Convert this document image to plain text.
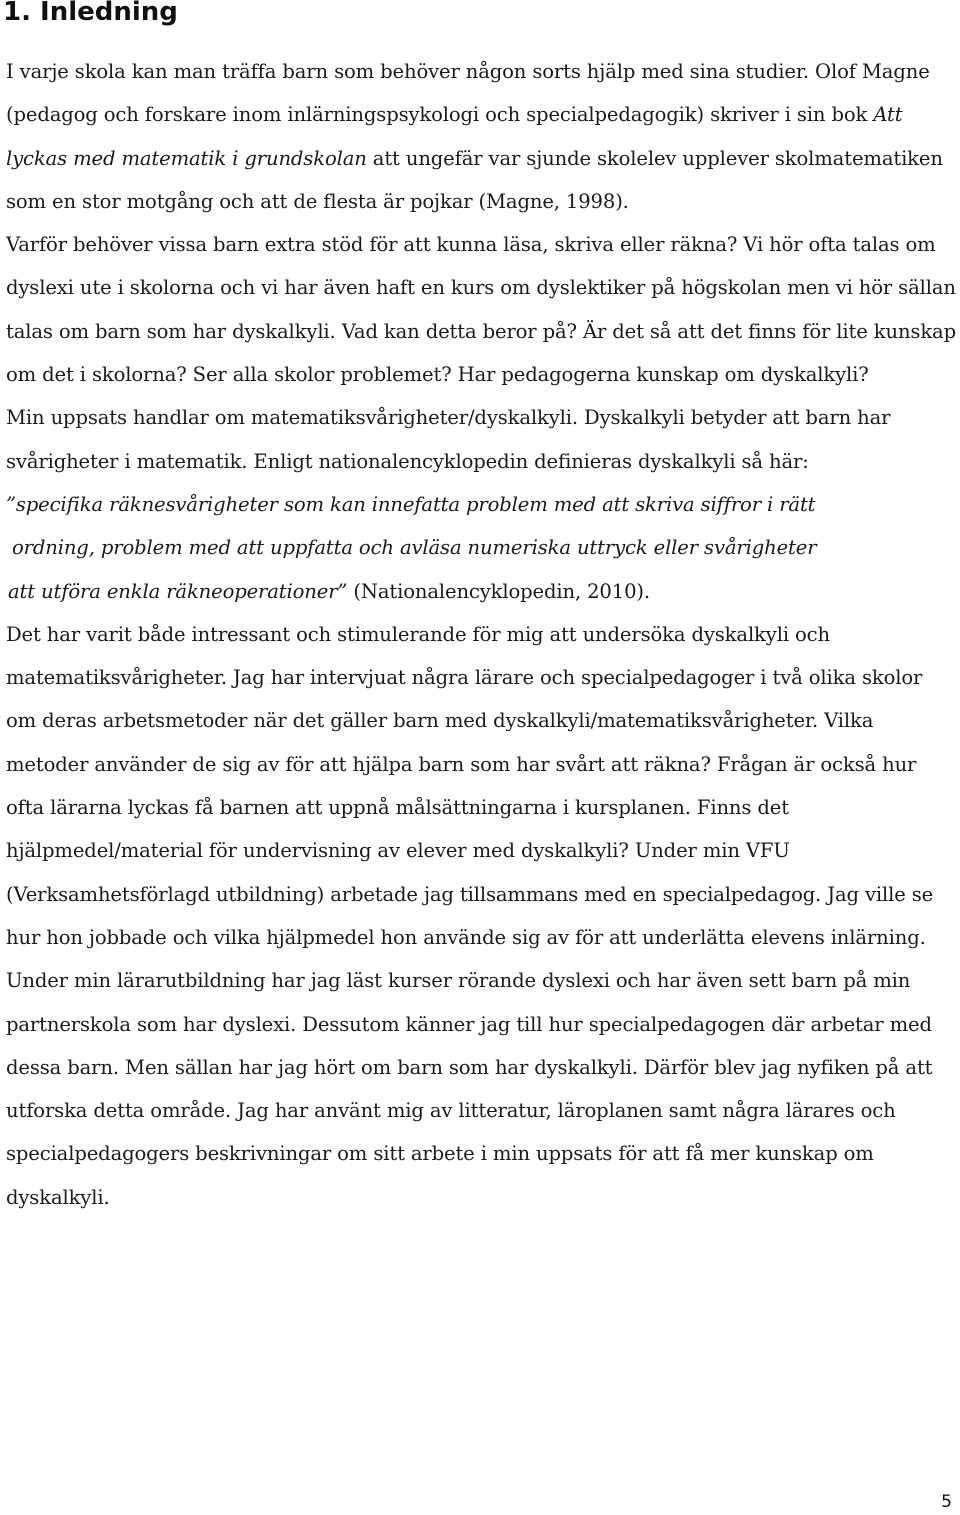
1. Inledning

I varje skola kan man träffa barn som behöver någon sorts hjälp med sina studier. Olof Magne (pedagog och forskare inom inlärningspsykologi och specialpedagogik) skriver i sin bok Att lyckas med matematik i grundskolan att ungefär var sjunde skolelev upplever skolmatematiken som en stor motgång och att de flesta är pojkar (Magne, 1998).

Varför behöver vissa barn extra stöd för att kunna läsa, skriva eller räkna? Vi hör ofta talas om dyslexi ute i skolorna och vi har även haft en kurs om dyslektiker på högskolan men vi hör sällan talas om barn som har dyskalkyli. Vad kan detta beror på? Är det så att det finns för lite kunskap om det i skolorna? Ser alla skolor problemet? Har pedagogerna kunskap om dyskalkyli?

Min uppsats handlar om matematiksvårigheter/dyskalkyli. Dyskalkyli betyder att barn har svårigheter i matematik. Enligt nationalencyklopedin definieras dyskalkyli så här:

”specifika räknesvårigheter som kan innefatta problem med att skriva siffror i rätt
ordning, problem med att uppfatta och avläsa numeriska uttryck eller svårigheter
att utföra enkla räkneoperationer” (Nationalencyklopedin, 2010).

Det har varit både intressant och stimulerande för mig att undersöka dyskalkyli och matematiksvårigheter. Jag har intervjuat några lärare och specialpedagoger i två olika skolor om deras arbetsmetoder när det gäller barn med dyskalkyli/matematiksvårigheter. Vilka metoder använder de sig av för att hjälpa barn som har svårt att räkna? Frågan är också hur ofta lärarna lyckas få barnen att uppnå målsättningarna i kursplanen. Finns det hjälpmedel/material för undervisning av elever med dyskalkyli? Under min VFU (Verksamhetsförlagd utbildning) arbetade jag tillsammans med en specialpedagog. Jag ville se hur hon jobbade och vilka hjälpmedel hon använde sig av för att underlätta elevens inlärning. Under min lärarutbildning har jag läst kurser rörande dyslexi och har även sett barn på min partnerskola som har dyslexi. Dessutom känner jag till hur specialpedagogen där arbetar med dessa barn. Men sällan har jag hört om barn som har dyskalkyli. Därför blev jag nyfiken på att utforska detta område. Jag har använt mig av litteratur, läroplanen samt några lärares och specialpedagogers beskrivningar om sitt arbete i min uppsats för att få mer kunskap om dyskalkyli.

5
